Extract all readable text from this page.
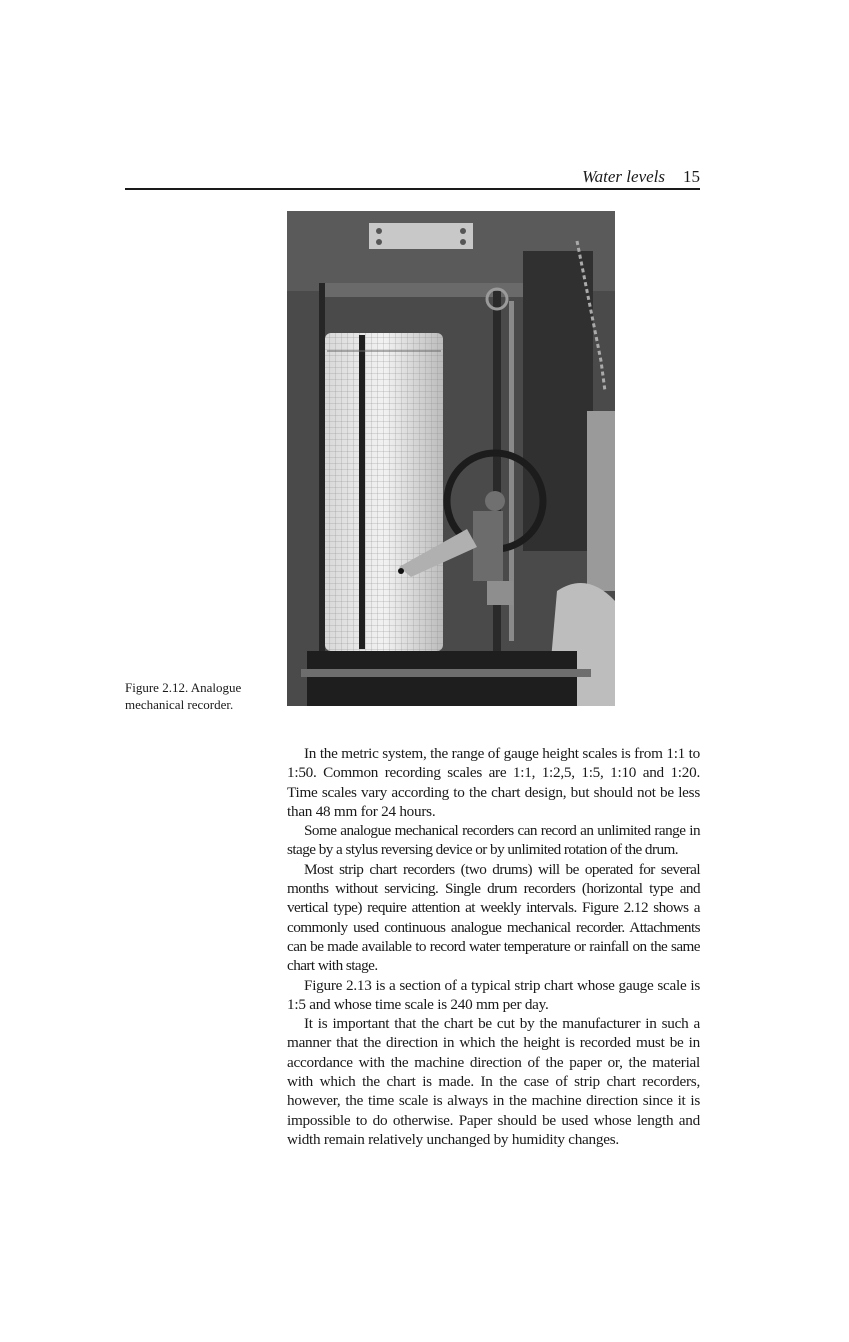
Water levels 15
Figure 2.12. Analogue mechanical recorder.

In the metric system, the range of gauge height scales is from 1:1 to 1:50. Common recording scales are 1:1, 1:2,5, 1:5, 1:10 and 1:20. Time scales vary according to the chart design, but should not be less than 48 mm for 24 hours.

Some analogue mechanical recorders can record an unlimited range in stage by a stylus reversing device or by unlimited rotation of the drum.

Most strip chart recorders (two drums) will be operated for several months without servicing. Single drum recorders (horizontal type and vertical type) require attention at weekly intervals. Figure 2.12 shows a commonly used continuous analogue mechanical recorder. Attachments can be made available to record water temperature or rainfall on the same chart with stage.

Figure 2.13 is a section of a typical strip chart whose gauge scale is 1:5 and whose time scale is 240 mm per day.

It is important that the chart be cut by the manufacturer in such a manner that the direction in which the height is recorded must be in accordance with the machine direction of the paper or, the material with which the chart is made. In the case of strip chart recorders, however, the time scale is always in the machine direction since it is impossible to do otherwise. Paper should be used whose length and width remain relatively unchanged by humidity changes.
